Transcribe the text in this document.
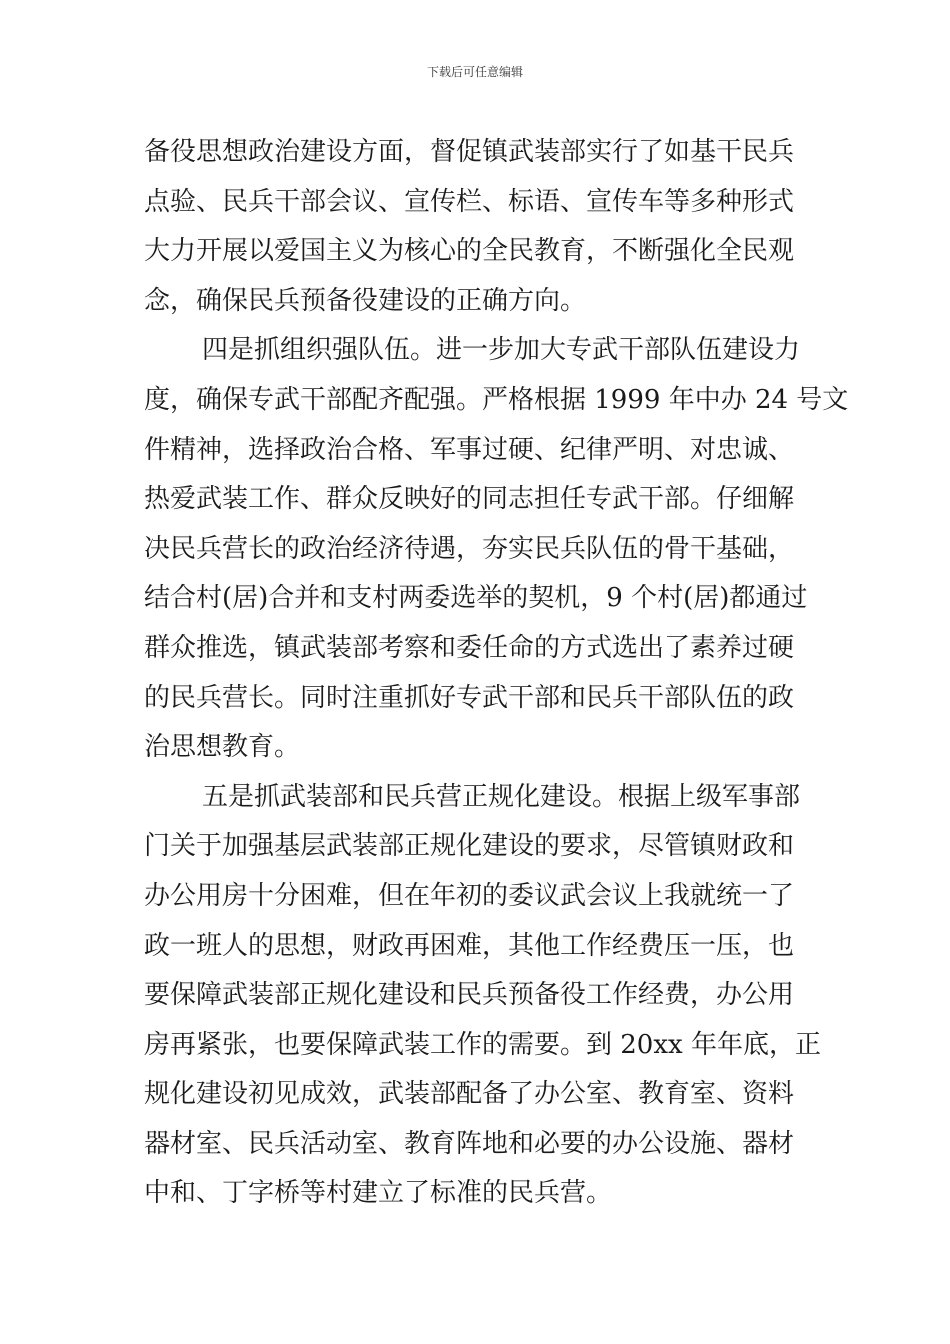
下载后可任意编辑
备役思想政治建设方面，督促镇武装部实行了如基干民兵
点验、民兵干部会议、宣传栏、标语、宣传车等多种形式
大力开展以爱国主义为核心的全民教育，不断强化全民观
念，确保民兵预备役建设的正确方向。
四是抓组织强队伍。进一步加大专武干部队伍建设力
度，确保专武干部配齐配强。严格根据 1999 年中办 24 号文
件精神，选择政治合格、军事过硬、纪律严明、对忠诚、
热爱武装工作、群众反映好的同志担任专武干部。仔细解
决民兵营长的政治经济待遇，夯实民兵队伍的骨干基础，
结合村(居)合并和支村两委选举的契机，9 个村(居)都通过
群众推选，镇武装部考察和委任命的方式选出了素养过硬
的民兵营长。同时注重抓好专武干部和民兵干部队伍的政
治思想教育。
五是抓武装部和民兵营正规化建设。根据上级军事部
门关于加强基层武装部正规化建设的要求，尽管镇财政和
办公用房十分困难，但在年初的委议武会议上我就统一了
政一班人的思想，财政再困难，其他工作经费压一压，也
要保障武装部正规化建设和民兵预备役工作经费，办公用
房再紧张，也要保障武装工作的需要。到 20xx 年年底，正
规化建设初见成效，武装部配备了办公室、教育室、资料
器材室、民兵活动室、教育阵地和必要的办公设施、器材
中和、丁字桥等村建立了标准的民兵营。
